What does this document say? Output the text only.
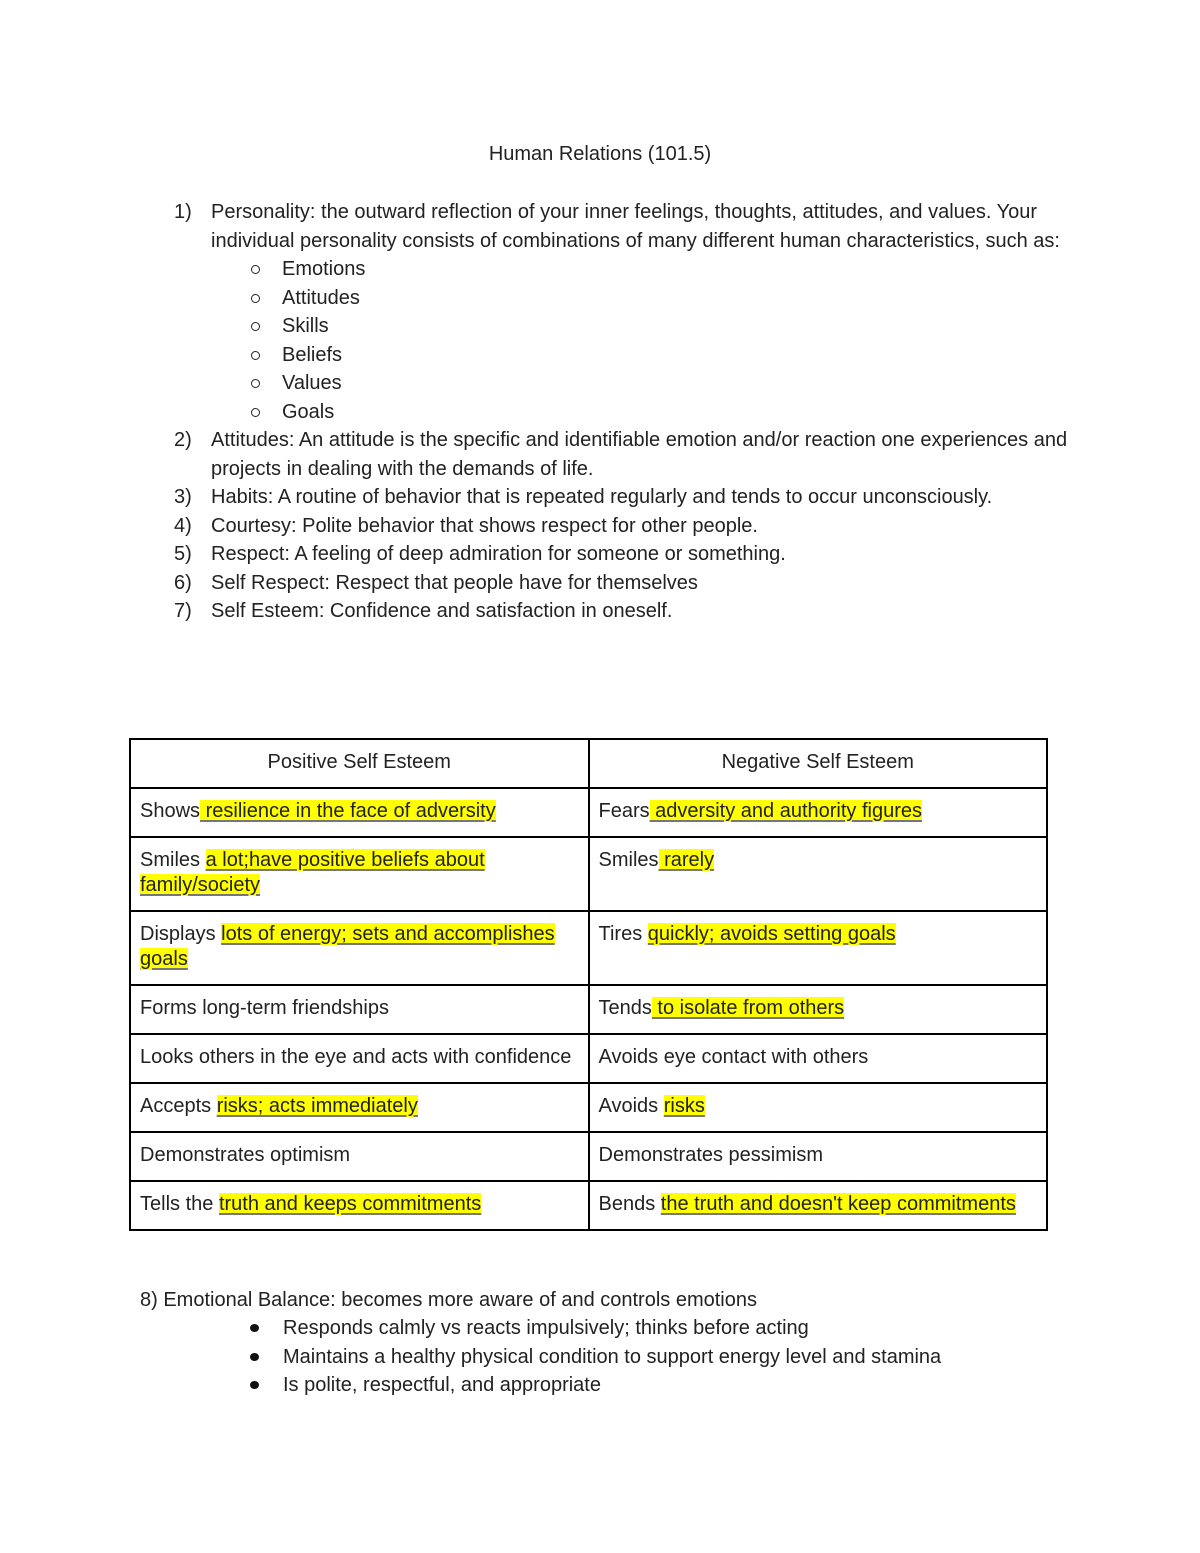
Human Relations (101.5)
1) Personality: the outward reflection of your inner feelings, thoughts, attitudes, and values. Your individual personality consists of combinations of many different human characteristics, such as:
Emotions
Attitudes
Skills
Beliefs
Values
Goals
2) Attitudes: An attitude is the specific and identifiable emotion and/or reaction one experiences and projects in dealing with the demands of life.
3) Habits: A routine of behavior that is repeated regularly and tends to occur unconsciously.
4) Courtesy: Polite behavior that shows respect for other people.
5) Respect: A feeling of deep admiration for someone or something.
6) Self Respect: Respect that people have for themselves
7) Self Esteem: Confidence and satisfaction in oneself.
Positive Self Esteem	Negative Self Esteem
Shows resilience in the face of adversity	Fears adversity and authority figures
Smiles a lot;have positive beliefs about family/society	Smiles rarely
Displays lots of energy; sets and accomplishes goals	Tires quickly; avoids setting goals
Forms long-term friendships	Tends to isolate from others
Looks others in the eye and acts with confidence	Avoids eye contact with others
Accepts risks; acts immediately	Avoids risks
Demonstrates optimism	Demonstrates pessimism
Tells the truth and keeps commitments	Bends the truth and doesn't keep commitments
8) Emotional Balance: becomes more aware of and controls emotions
Responds calmly vs reacts impulsively; thinks before acting
Maintains a healthy physical condition to support energy level and stamina
Is polite, respectful, and appropriate
